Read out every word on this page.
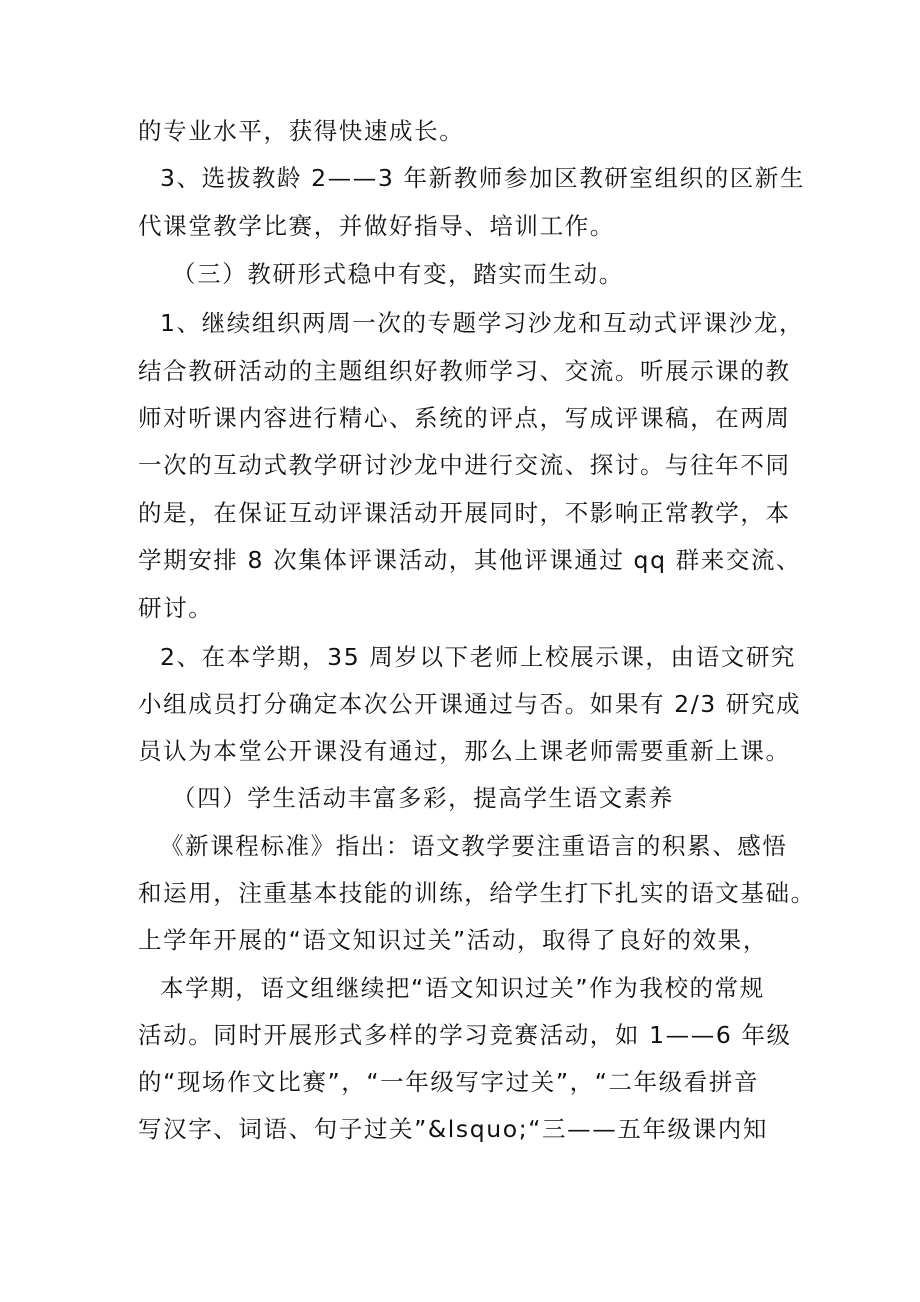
的专业水平，获得快速成长。
3、选拔教龄 2——3 年新教师参加区教研室组织的区新生
代课堂教学比赛，并做好指导、培训工作。
（三）教研形式稳中有变，踏实而生动。
1、继续组织两周一次的专题学习沙龙和互动式评课沙龙，
结合教研活动的主题组织好教师学习、交流。听展示课的教
师对听课内容进行精心、系统的评点，写成评课稿，在两周
一次的互动式教学研讨沙龙中进行交流、探讨。与往年不同
的是，在保证互动评课活动开展同时，不影响正常教学，本
学期安排 8 次集体评课活动，其他评课通过 qq 群来交流、
研讨。
2、在本学期，35 周岁以下老师上校展示课，由语文研究
小组成员打分确定本次公开课通过与否。如果有 2/3 研究成
员认为本堂公开课没有通过，那么上课老师需要重新上课。
（四）学生活动丰富多彩，提高学生语文素养
《新课程标准》指出：语文教学要注重语言的积累、感悟
和运用，注重基本技能的训练，给学生打下扎实的语文基础。
上学年开展的“语文知识过关”活动，取得了良好的效果，
本学期，语文组继续把“语文知识过关”作为我校的常规
活动。同时开展形式多样的学习竞赛活动，如 1——6 年级
的“现场作文比赛”，“一年级写字过关”，“二年级看拼音
写汉字、词语、句子过关”&lsquo;“三——五年级课内知
